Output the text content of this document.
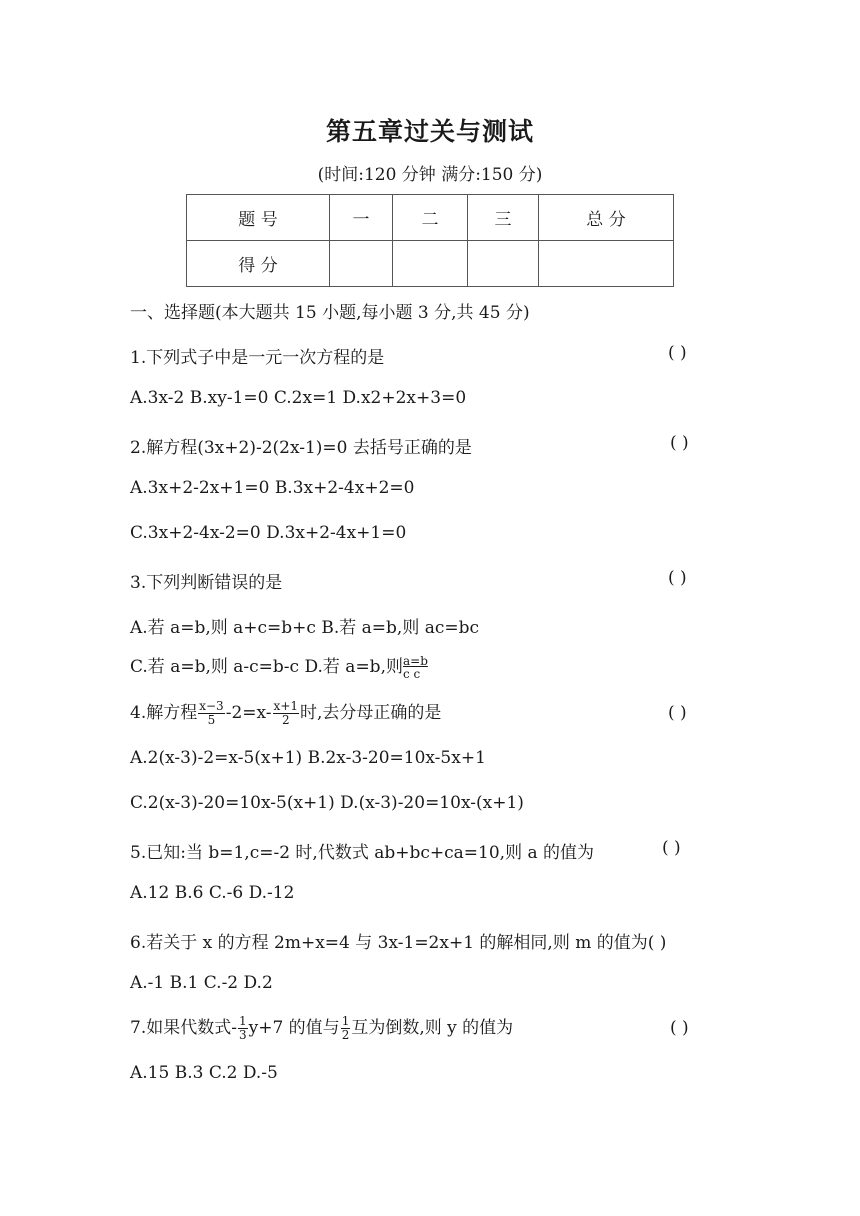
第五章过关与测试
(时间:120 分钟 满分:150 分)
题 号	一	二	三	总 分
得 分				
一、选择题(本大题共 15 小题,每小题 3 分,共 45 分)
1.下列式子中是一元一次方程的是	( )
A.3x-2 B.xy-1=0 C.2x=1 D.x2+2x+3=0
2.解方程(3x+2)-2(2x-1)=0 去括号正确的是	( )
A.3x+2-2x+1=0 B.3x+2-4x+2=0
C.3x+2-4x-2=0 D.3x+2-4x+1=0
3.下列判断错误的是	( )
A.若 a=b,则 a+c=b+c B.若 a=b,则 ac=bc
C.若 a=b,则 a-c=b-c D.若 a=b,则 $\frac{a=b}{\text{c c}}$
4.解方程 $\frac{x-3}{5} -2=x- \frac{x+1}{2}$ 时,去分母正确的是	( )
A.2(x-3)-2=x-5(x+1) B.2x-3-20=10x-5x+1
C.2(x-3)-20=10x-5(x+1) D.(x-3)-20=10x-(x+1)
5.已知:当 b=1,c=-2 时,代数式 ab+bc+ca=10,则 a 的值为	( )
A.12 B.6 C.-6 D.-12
6.若关于 x 的方程 2m+x=4 与 3x-1=2x+1 的解相同,则 m 的值为( )
A.-1 B.1 C.-2 D.2
7.如果代数式- $\frac{1}{3} y+7$ 的值与 $\frac{1}{2}$ 互为倒数,则 y 的值为	( )
A.15 B.3 C.2 D.-5
